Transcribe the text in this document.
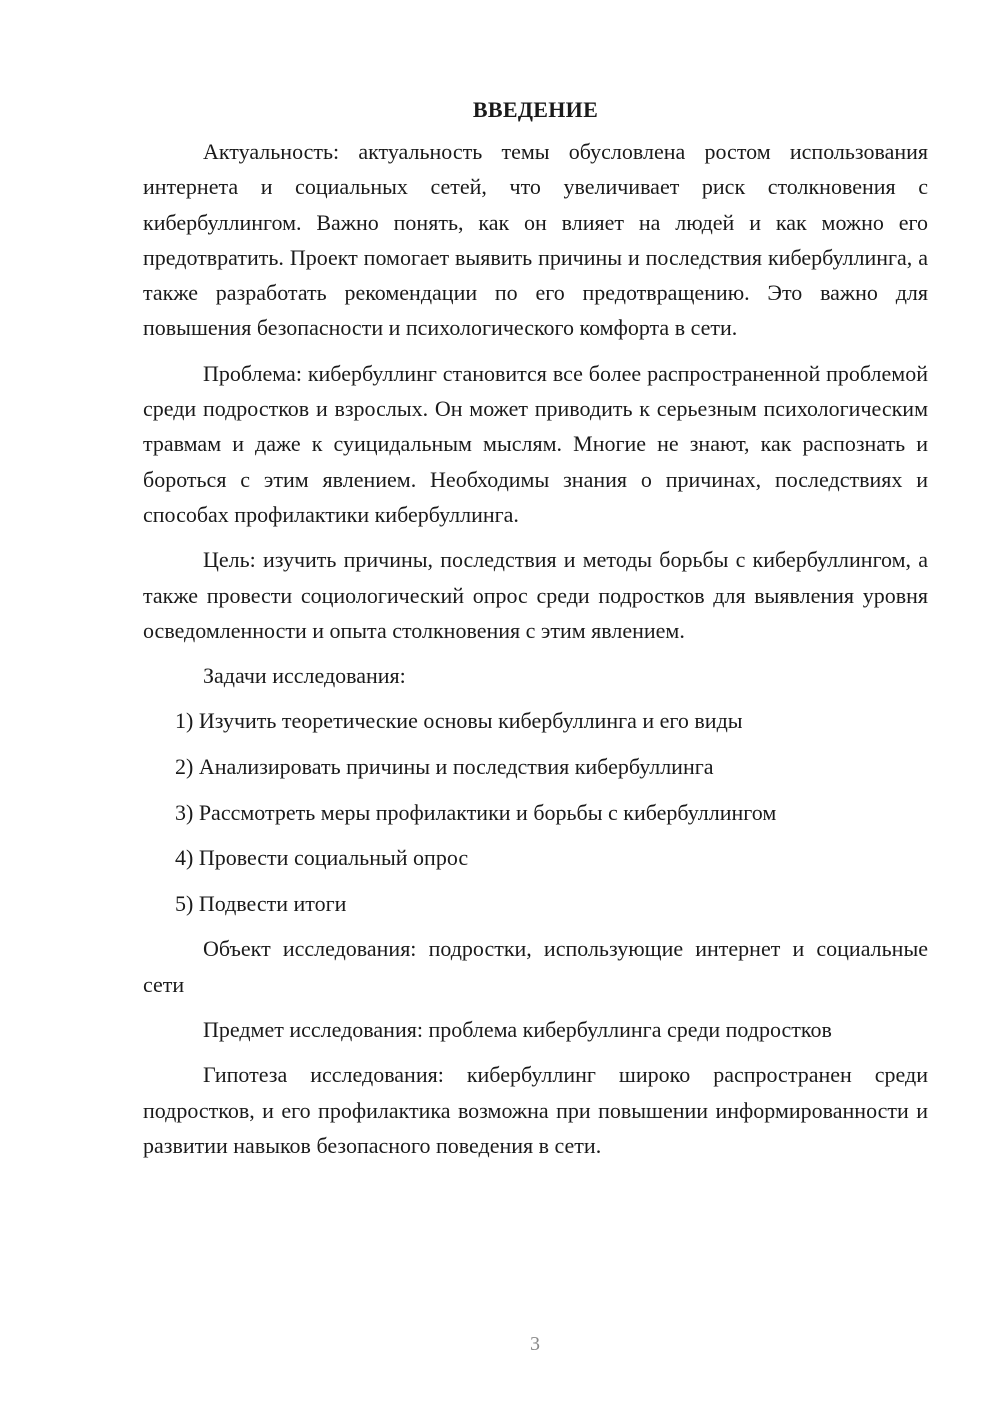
ВВЕДЕНИЕ

Актуальность: актуальность темы обусловлена ростом использования интернета и социальных сетей, что увеличивает риск столкновения с кибербуллингом. Важно понять, как он влияет на людей и как можно его предотвратить. Проект помогает выявить причины и последствия кибербуллинга, а также разработать рекомендации по его предотвращению. Это важно для повышения безопасности и психологического комфорта в сети.

Проблема: кибербуллинг становится все более распространенной проблемой среди подростков и взрослых. Он может приводить к серьезным психологическим травмам и даже к суицидальным мыслям. Многие не знают, как распознать и бороться с этим явлением. Необходимы знания о причинах, последствиях и способах профилактики кибербуллинга.

Цель: изучить причины, последствия и методы борьбы с кибербуллингом, а также провести социологический опрос среди подростков для выявления уровня осведомленности и опыта столкновения с этим явлением.

Задачи исследования:

1) Изучить теоретические основы кибербуллинга и его виды
2) Анализировать причины и последствия кибербуллинга
3) Рассмотреть меры профилактики и борьбы с кибербуллингом
4) Провести социальный опрос
5) Подвести итоги

Объект исследования: подростки, использующие интернет и социальные сети

Предмет исследования: проблема кибербуллинга среди подростков

Гипотеза исследования: кибербуллинг широко распространен среди подростков, и его профилактика возможна при повышении информированности и развитии навыков безопасного поведения в сети.

3
